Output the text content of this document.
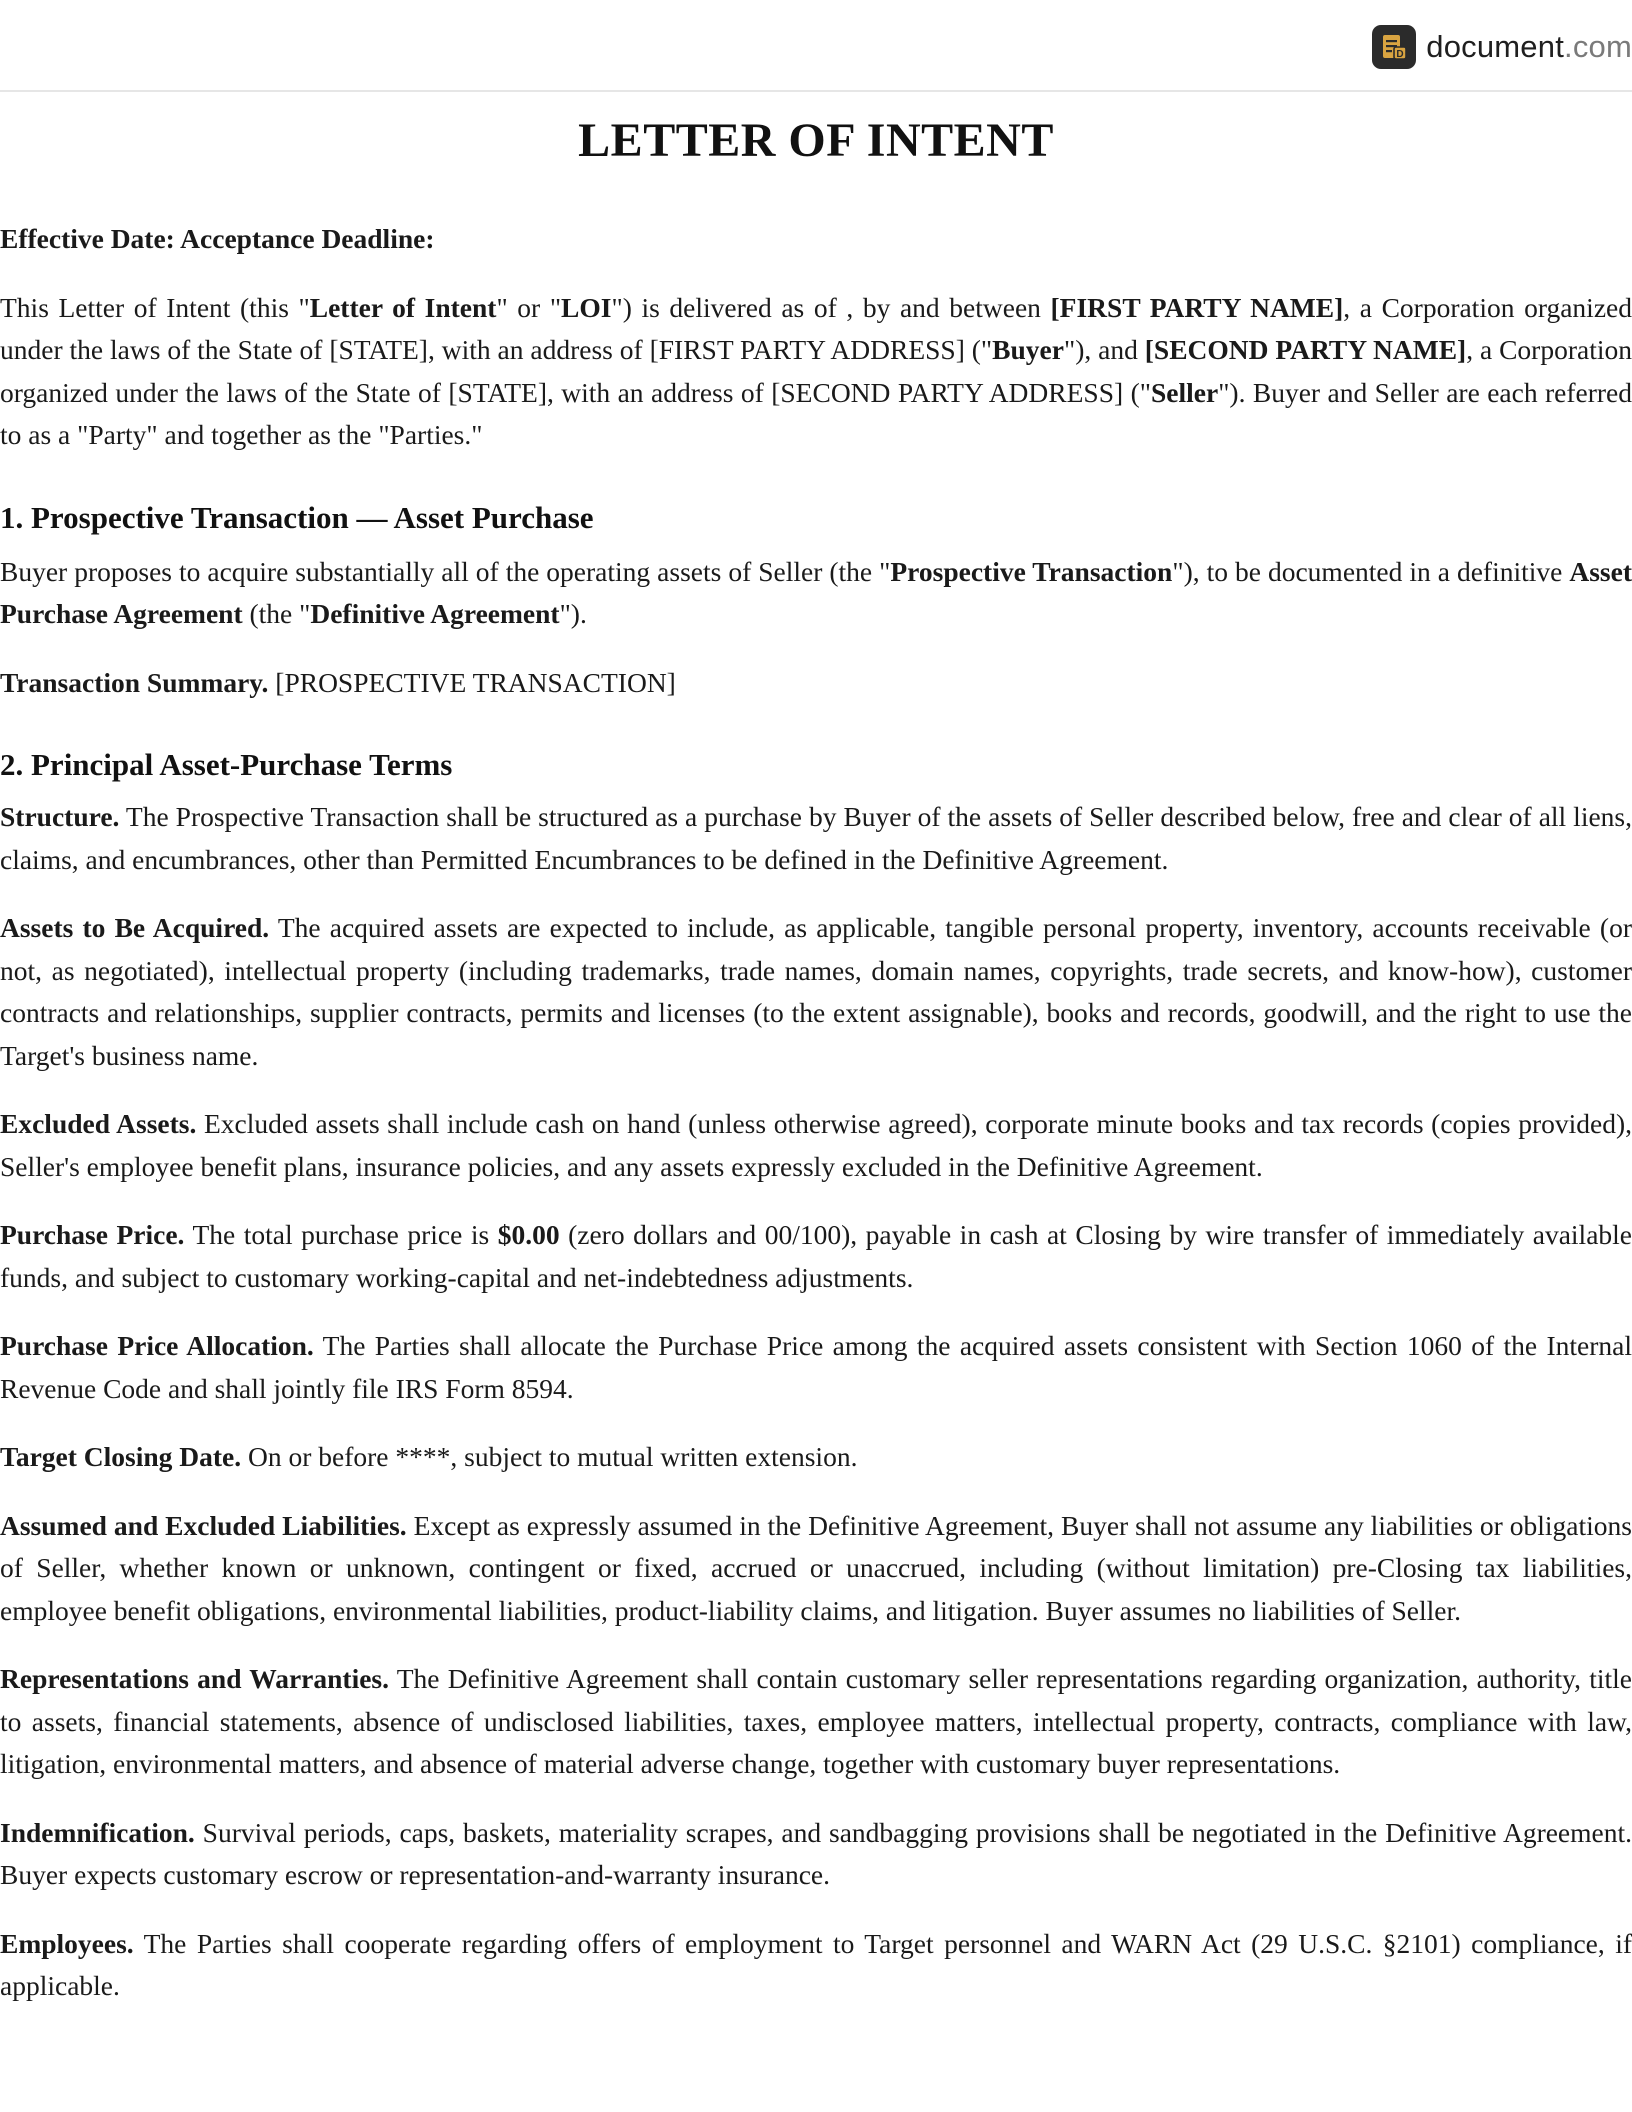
D document.com
LETTER OF INTENT

Effective Date: Acceptance Deadline:

This Letter of Intent (this "Letter of Intent" or "LOI") is delivered as of , by and between [FIRST PARTY NAME], a Corporation organized under the laws of the State of [STATE], with an address of [FIRST PARTY ADDRESS] ("Buyer"), and [SECOND PARTY NAME], a Corporation organized under the laws of the State of [STATE], with an address of [SECOND PARTY ADDRESS] ("Seller"). Buyer and Seller are each referred to as a "Party" and together as the "Parties."

1. Prospective Transaction — Asset Purchase

Buyer proposes to acquire substantially all of the operating assets of Seller (the "Prospective Transaction"), to be documented in a definitive Asset Purchase Agreement (the "Definitive Agreement").

Transaction Summary. [PROSPECTIVE TRANSACTION]

2. Principal Asset-Purchase Terms

Structure. The Prospective Transaction shall be structured as a purchase by Buyer of the assets of Seller described below, free and clear of all liens, claims, and encumbrances, other than Permitted Encumbrances to be defined in the Definitive Agreement.

Assets to Be Acquired. The acquired assets are expected to include, as applicable, tangible personal property, inventory, accounts receivable (or not, as negotiated), intellectual property (including trademarks, trade names, domain names, copyrights, trade secrets, and know-how), customer contracts and relationships, supplier contracts, permits and licenses (to the extent assignable), books and records, goodwill, and the right to use the Target's business name.

Excluded Assets. Excluded assets shall include cash on hand (unless otherwise agreed), corporate minute books and tax records (copies provided), Seller's employee benefit plans, insurance policies, and any assets expressly excluded in the Definitive Agreement.

Purchase Price. The total purchase price is $0.00 (zero dollars and 00/100), payable in cash at Closing by wire transfer of immediately available funds, and subject to customary working-capital and net-indebtedness adjustments.

Purchase Price Allocation. The Parties shall allocate the Purchase Price among the acquired assets consistent with Section 1060 of the Internal Revenue Code and shall jointly file IRS Form 8594.

Target Closing Date. On or before ****, subject to mutual written extension.

Assumed and Excluded Liabilities. Except as expressly assumed in the Definitive Agreement, Buyer shall not assume any liabilities or obligations of Seller, whether known or unknown, contingent or fixed, accrued or unaccrued, including (without limitation) pre-Closing tax liabilities, employee benefit obligations, environmental liabilities, product-liability claims, and litigation. Buyer assumes no liabilities of Seller.

Representations and Warranties. The Definitive Agreement shall contain customary seller representations regarding organization, authority, title to assets, financial statements, absence of undisclosed liabilities, taxes, employee matters, intellectual property, contracts, compliance with law, litigation, environmental matters, and absence of material adverse change, together with customary buyer representations.

Indemnification. Survival periods, caps, baskets, materiality scrapes, and sandbagging provisions shall be negotiated in the Definitive Agreement. Buyer expects customary escrow or representation-and-warranty insurance.

Employees. The Parties shall cooperate regarding offers of employment to Target personnel and WARN Act (29 U.S.C. §2101) compliance, if applicable.
